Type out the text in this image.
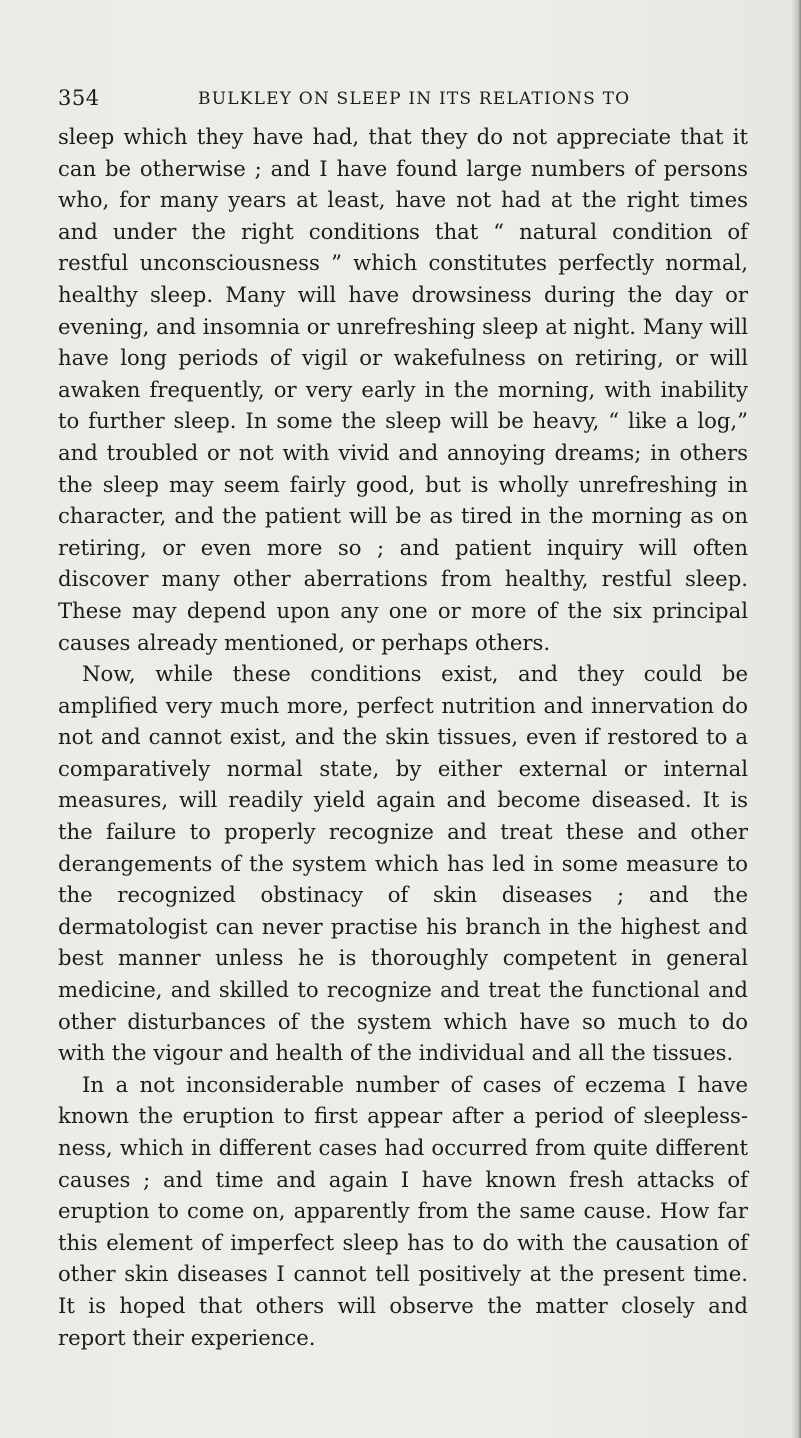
354	BULKLEY ON SLEEP IN ITS RELATIONS TO

sleep which they have had, that they do not appreciate that it can be otherwise ; and I have found large numbers of persons who, for many years at least, have not had at the right times and under the right conditions that “ natural condition of restful unconsciousness ” which constitutes perfectly normal, healthy sleep. Many will have drowsiness during the day or evening, and insomnia or unrefreshing sleep at night. Many will have long periods of vigil or wakefulness on retiring, or will awaken frequently, or very early in the morning, with inability to further sleep. In some the sleep will be heavy, “ like a log,” and troubled or not with vivid and annoying dreams; in others the sleep may seem fairly good, but is wholly unrefreshing in character, and the patient will be as tired in the morning as on retiring, or even more so ; and patient inquiry will often discover many other aberrations from healthy, restful sleep. These may depend upon any one or more of the six principal causes already mentioned, or perhaps others.

Now, while these conditions exist, and they could be amplified very much more, perfect nutrition and innervation do not and cannot exist, and the skin tissues, even if restored to a comparatively normal state, by either external or internal measures, will readily yield again and become diseased. It is the failure to properly recognize and treat these and other derangements of the system which has led in some measure to the recognized obstinacy of skin diseases ; and the dermatologist can never practise his branch in the highest and best manner unless he is thoroughly competent in general medicine, and skilled to recognize and treat the functional and other disturbances of the system which have so much to do with the vigour and health of the individual and all the tissues.

In a not inconsiderable number of cases of eczema I have known the eruption to first appear after a period of sleepless-ness, which in different cases had occurred from quite different causes ; and time and again I have known fresh attacks of eruption to come on, apparently from the same cause. How far this element of imperfect sleep has to do with the causation of other skin diseases I cannot tell positively at the present time. It is hoped that others will observe the matter closely and report their experience.
